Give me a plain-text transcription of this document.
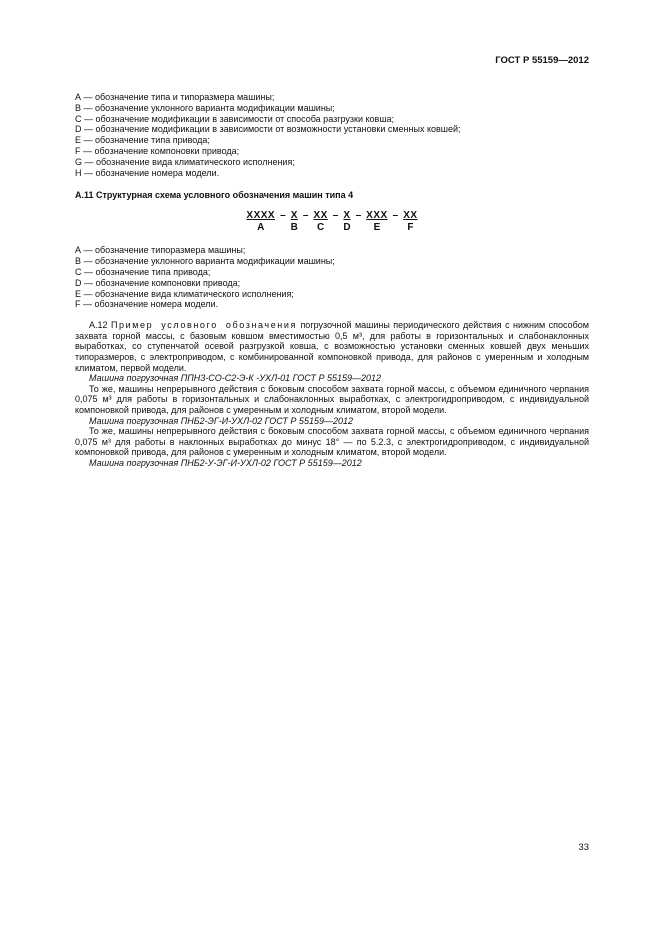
ГОСТ Р 55159—2012
А — обозначение типа и типоразмера машины;
В — обозначение уклонного варианта модификации машины;
С — обозначение модификации в зависимости от способа разгрузки ковша;
D — обозначение модификации в зависимости от возможности установки сменных ковшей;
Е — обозначение типа привода;
F — обозначение компоновки привода;
G — обозначение вида климатического исполнения;
Н — обозначение номера модели.
А.11 Структурная схема условного обозначения машин типа 4
ХХХХ
А
– Х
В
– ХХ
С
– Х
D
– ХХХ
Е
– ХХ
F
А — обозначение типоразмера машины;
В — обозначение уклонного варианта модификации машины;
С — обозначение типа привода;
D — обозначение компоновки привода;
Е — обозначение вида климатического исполнения;
F — обозначение номера модели.

А.12 Пример условного обозначения погрузочной машины периодического действия с нижним способом захвата горной массы, с базовым ковшом вместимостью 0,5 м³, для работы в горизонтальных и слабонаклонных выработках, со ступенчатой осевой разгрузкой ковша, с возможностью установки сменных ковшей двух меньших типоразмеров, с электроприводом, с комбинированной компоновкой привода, для районов с умеренным и холодным климатом, первой модели.

Машина погрузочная ППН3-СО-С2-Э-К -УХЛ-01 ГОСТ Р 55159—2012

То же, машины непрерывного действия с боковым способом захвата горной массы, с объемом единичного черпания 0,075 м³ для работы в горизонтальных и слабонаклонных выработках, с электрогидроприводом, с индивидуальной компоновкой привода, для районов с умеренным и холодным климатом, второй модели.

Машина погрузочная ПНБ2-ЭГ-И-УХЛ-02 ГОСТ Р 55159—2012

То же, машины непрерывного действия с боковым способом захвата горной массы, с объемом единичного черпания 0,075 м³ для работы в наклонных выработках до минус 18° — по 5.2.3, с электрогидроприводом, с индивидуальной компоновкой привода, для районов с умеренным и холодным климатом, второй модели.

Машина погрузочная ПНБ2-У-ЭГ-И-УХЛ-02 ГОСТ Р 55159—2012

33
